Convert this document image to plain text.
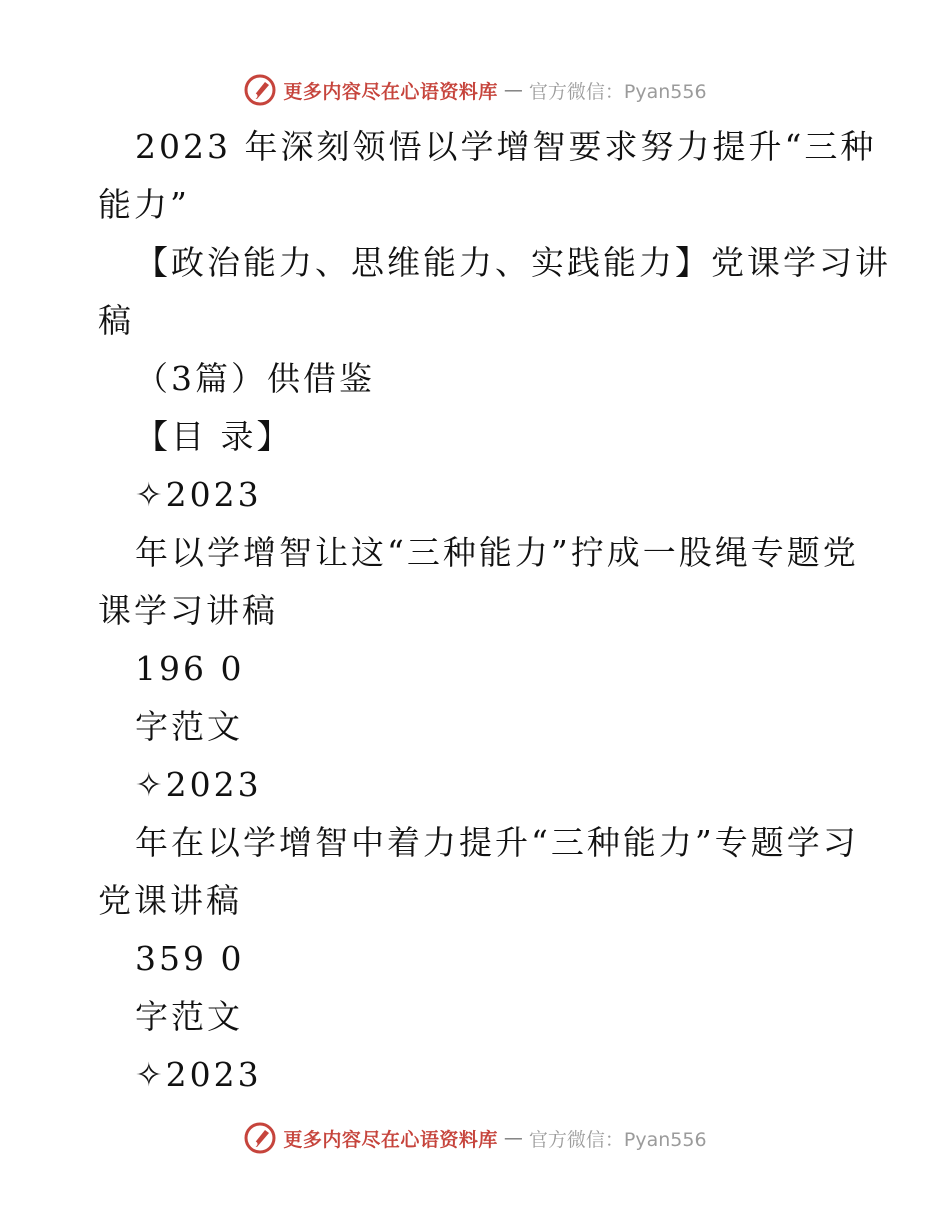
更多内容尽在心语资料库 — 官方微信：Pyan556
2023 年深刻领悟以学增智要求努力提升“三种
能力”
【政治能力、思维能力、实践能力】党课学习讲
稿
（3篇）供借鉴
【目 录】
✧2023
年以学增智让这“三种能力”拧成一股绳专题党
课学习讲稿
196 0
字范文
✧2023
年在以学增智中着力提升“三种能力”专题学习
党课讲稿
359 0
字范文
✧2023
更多内容尽在心语资料库 — 官方微信：Pyan556
